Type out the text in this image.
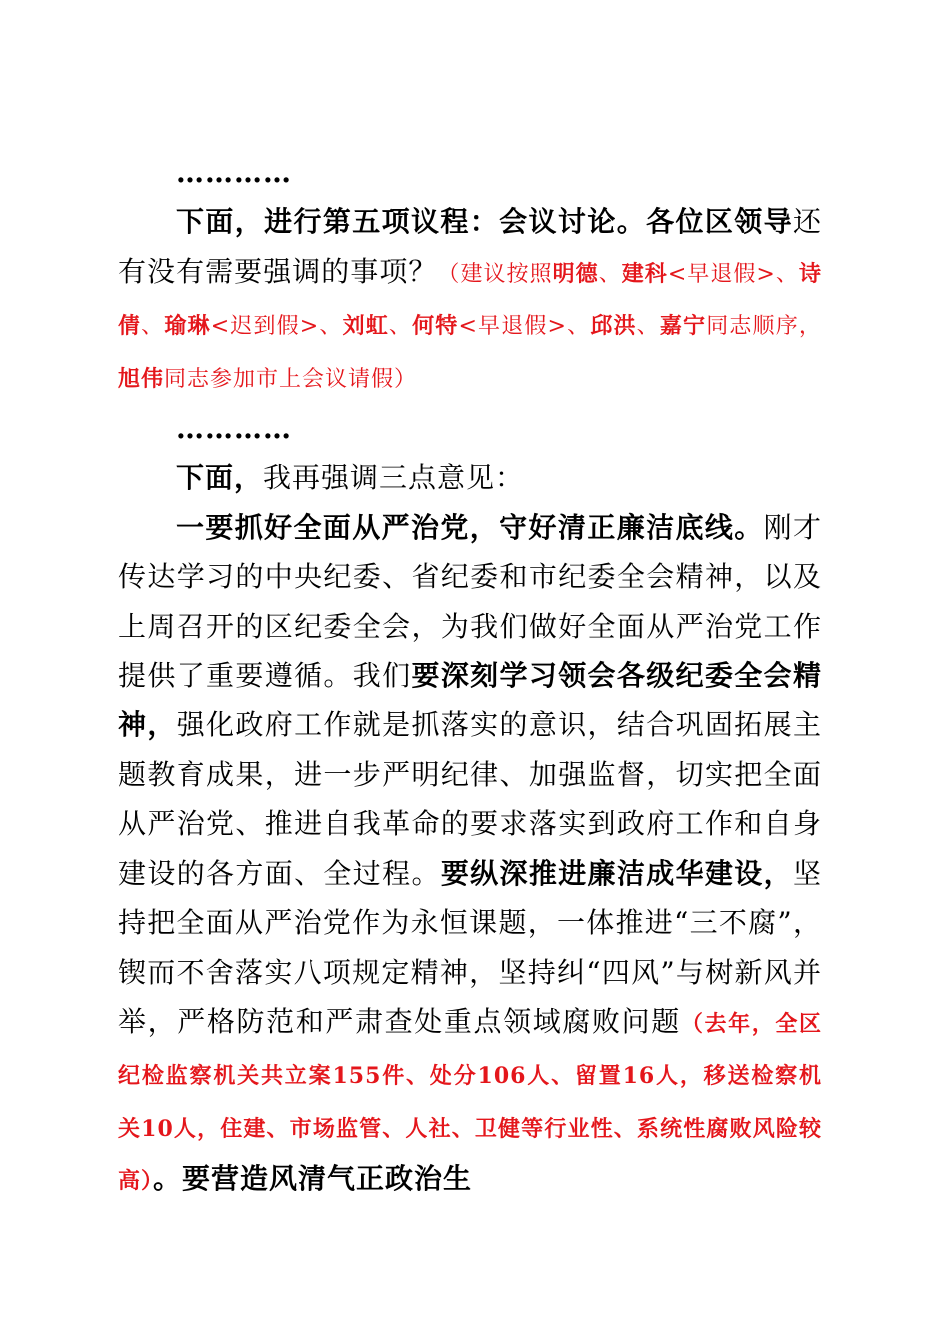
…………

下面，进行第五项议程：会议讨论。各位区领导还有没有需要强调的事项？（建议按照明德、建科<早退假>、诗倩、瑜琳<迟到假>、刘虹、何特<早退假>、邱洪、嘉宁同志顺序，旭伟同志参加市上会议请假）

…………

下面，我再强调三点意见：

一要抓好全面从严治党，守好清正廉洁底线。刚才传达学习的中央纪委、省纪委和市纪委全会精神，以及上周召开的区纪委全会，为我们做好全面从严治党工作提供了重要遵循。我们要深刻学习领会各级纪委全会精神，强化政府工作就是抓落实的意识，结合巩固拓展主题教育成果，进一步严明纪律、加强监督，切实把全面从严治党、推进自我革命的要求落实到政府工作和自身建设的各方面、全过程。要纵深推进廉洁成华建设，坚持把全面从严治党作为永恒课题，一体推进“三不腐”，锲而不舍落实八项规定精神，坚持纠“四风”与树新风并举，严格防范和严肃查处重点领域腐败问题（去年，全区纪检监察机关共立案155件、处分106人、留置16人，移送检察机关10人，住建、市场监管、人社、卫健等行业性、系统性腐败风险较高）。要营造风清气正政治生
